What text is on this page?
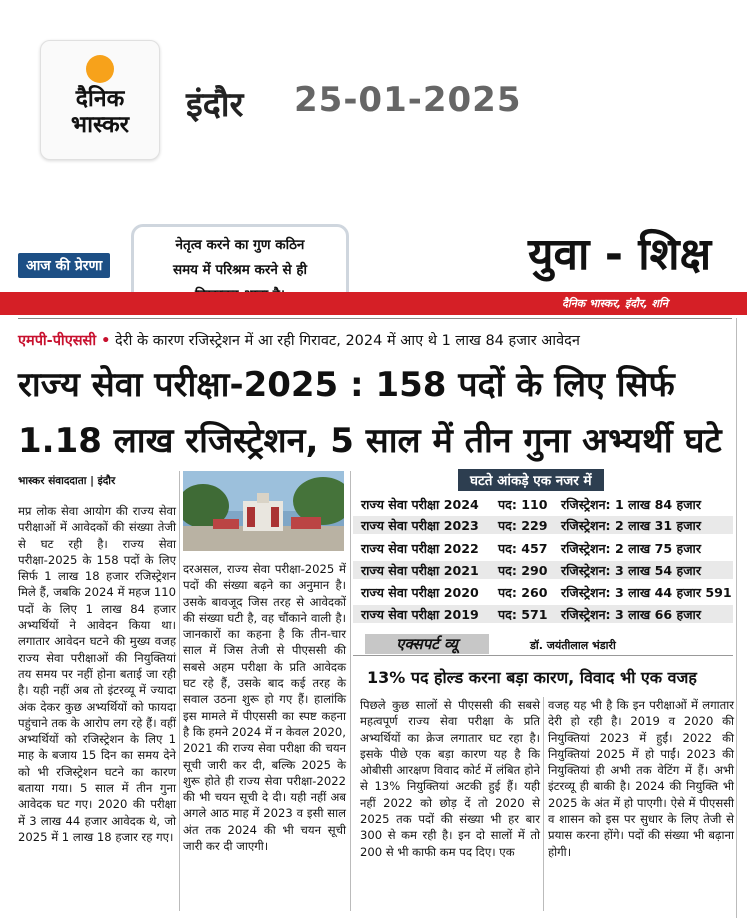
दैनिक
भास्कर	इंदौर 25-01-2025
आज की प्रेरणा
नेतृत्व करने का गुण कठिन
समय में परिश्रम करने से ही	युवा - शिक्ष
दैनिक भास्कर, इंदौर, शनि
एमपी-पीएससी • देरी के कारण रजिस्ट्रेशन में आ रही गिरावट, 2024 में आए थे 1 लाख 84 हजार आवेदन
राज्य सेवा परीक्षा-2025 : 158 पदों के लिए सिर्फ
1.18 लाख रजिस्ट्रेशन, 5 साल में तीन गुना अभ्यर्थी घटे
भास्कर संवाददाता | इंदौर
मप्र लोक सेवा आयोग की राज्य सेवा परीक्षाओं में आवेदकों की संख्या तेजी से घट रही है। राज्य सेवा परीक्षा-2025 के 158 पदों के लिए सिर्फ 1 लाख 18 हजार रजिस्ट्रेशन मिले हैं, जबकि 2024 में महज 110 पदों के लिए 1 लाख 84 हजार अभ्यर्थियों ने आवेदन किया था। लगातार आवेदन घटने की मुख्य वजह राज्य सेवा परीक्षाओं की नियुक्तियां तय समय पर नहीं होना बताई जा रही है। यही नहीं अब तो इंटरव्यू में ज्यादा अंक देकर कुछ अभ्यर्थियों को फायदा पहुंचाने तक के आरोप लग रहे हैं। वहीं अभ्यर्थियों को रजिस्ट्रेशन के लिए 1 माह के बजाय 15 दिन का समय देने को भी रजिस्ट्रेशन घटने का कारण बताया गया। 5 साल में तीन गुना आवेदक घट गए। 2020 की परीक्षा में 3 लाख 44 हजार आवेदक थे, जो 2025 में 1 लाख 18 हजार रह गए।
दरअसल, राज्य सेवा परीक्षा-2025 में पदों की संख्या बढ़ने का अनुमान है। उसके बावजूद जिस तरह से आवेदकों की संख्या घटी है, वह चौंकाने वाली है। जानकारों का कहना है कि तीन-चार साल में जिस तेजी से पीएससी की सबसे अहम परीक्षा के प्रति आवेदक घट रहे हैं, उसके बाद कई तरह के सवाल उठना शुरू हो गए हैं। हालांकि इस मामले में पीएससी का स्पष्ट कहना है कि हमने 2024 में न केवल 2020, 2021 की राज्य सेवा परीक्षा की चयन सूची जारी कर दी, बल्कि 2025 के शुरू होते ही राज्य सेवा परीक्षा-2022 की भी चयन सूची दे दी। यही नहीं अब अगले आठ माह में 2023 व इसी साल अंत तक 2024 की भी चयन सूची जारी कर दी जाएगी।
घटते आंकड़े एक नजर में
राज्य सेवा परीक्षा 2024 पद: 110 रजिस्ट्रेशन: 1 लाख 84 हजार
राज्य सेवा परीक्षा 2023 पद: 229 रजिस्ट्रेशन: 2 लाख 31 हजार
राज्य सेवा परीक्षा 2022 पद: 457 रजिस्ट्रेशन: 2 लाख 75 हजार
राज्य सेवा परीक्षा 2021 पद: 290 रजिस्ट्रेशन: 3 लाख 54 हजार
राज्य सेवा परीक्षा 2020 पद: 260 रजिस्ट्रेशन: 3 लाख 44 हजार 591
राज्य सेवा परीक्षा 2019 पद: 571 रजिस्ट्रेशन: 3 लाख 66 हजार
एक्सपर्ट व्यू	डॉ. जयंतीलाल भंडारी
13% पद होल्ड करना बड़ा कारण, विवाद भी एक वजह
पिछले कुछ सालों से पीएससी की सबसे महत्वपूर्ण राज्य सेवा परीक्षा के प्रति अभ्यर्थियों का क्रेज लगातार घट रहा है। इसके पीछे एक बड़ा कारण यह है कि ओबीसी आरक्षण विवाद कोर्ट में लंबित होने से 13% नियुक्तियां अटकी हुई हैं। यही नहीं 2022 को छोड़ दें तो 2020 से 2025 तक पदों की संख्या भी हर बार 300 से कम रही है। इन दो सालों में तो 200 से भी काफी कम पद दिए। एक
वजह यह भी है कि इन परीक्षाओं में लगातार देरी हो रही है। 2019 व 2020 की नियुक्तियां 2023 में हुईं। 2022 की नियुक्तियां 2025 में हो पाईं। 2023 की नियुक्तियां ही अभी तक वेटिंग में हैं। अभी इंटरव्यू ही बाकी है। 2024 की नियुक्ति भी 2025 के अंत में हो पाएगी। ऐसे में पीएससी व शासन को इस पर सुधार के लिए तेजी से प्रयास करना होंगे। पदों की संख्या भी बढ़ाना होगी।
